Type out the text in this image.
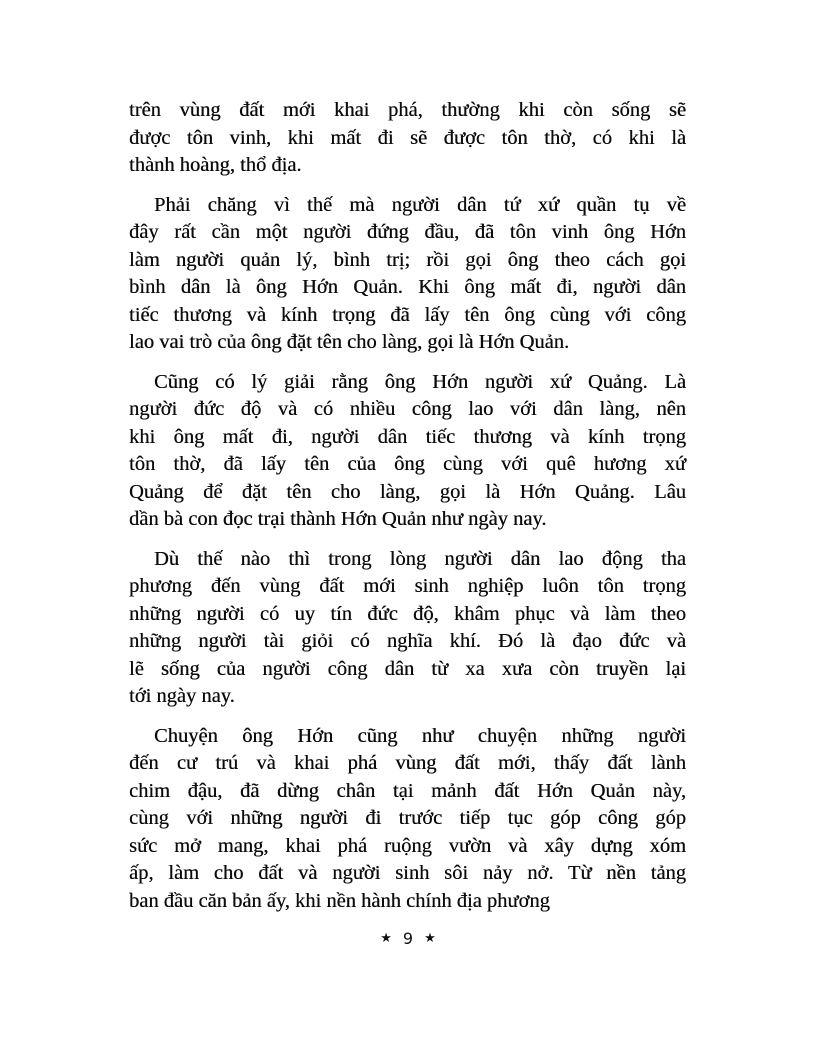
trên vùng đất mới khai phá, thường khi còn sống sẽ
được tôn vinh, khi mất đi sẽ được tôn thờ, có khi là
thành hoàng, thổ địa.
Phải chăng vì thế mà người dân tứ xứ quần tụ về
đây rất cần một người đứng đầu, đã tôn vinh ông Hớn
làm người quản lý, bình trị; rồi gọi ông theo cách gọi
bình dân là ông Hớn Quản. Khi ông mất đi, người dân
tiếc thương và kính trọng đã lấy tên ông cùng với công
lao vai trò của ông đặt tên cho làng, gọi là Hớn Quản.
Cũng có lý giải rằng ông Hớn người xứ Quảng. Là
người đức độ và có nhiều công lao với dân làng, nên
khi ông mất đi, người dân tiếc thương và kính trọng
tôn thờ, đã lấy tên của ông cùng với quê hương xứ
Quảng để đặt tên cho làng, gọi là Hớn Quảng. Lâu
dần bà con đọc trại thành Hớn Quản như ngày nay.
Dù thế nào thì trong lòng người dân lao động tha
phương đến vùng đất mới sinh nghiệp luôn tôn trọng
những người có uy tín đức độ, khâm phục và làm theo
những người tài giỏi có nghĩa khí. Đó là đạo đức và
lẽ sống của người công dân từ xa xưa còn truyền lại
tới ngày nay.
Chuyện ông Hớn cũng như chuyện những người
đến cư trú và khai phá vùng đất mới, thấy đất lành
chim đậu, đã dừng chân tại mảnh đất Hớn Quản này,
cùng với những người đi trước tiếp tục góp công góp
sức mở mang, khai phá ruộng vườn và xây dựng xóm
ấp, làm cho đất và người sinh sôi nảy nở. Từ nền tảng
ban đầu căn bản ấy, khi nền hành chính địa phương
★ 9 ★
